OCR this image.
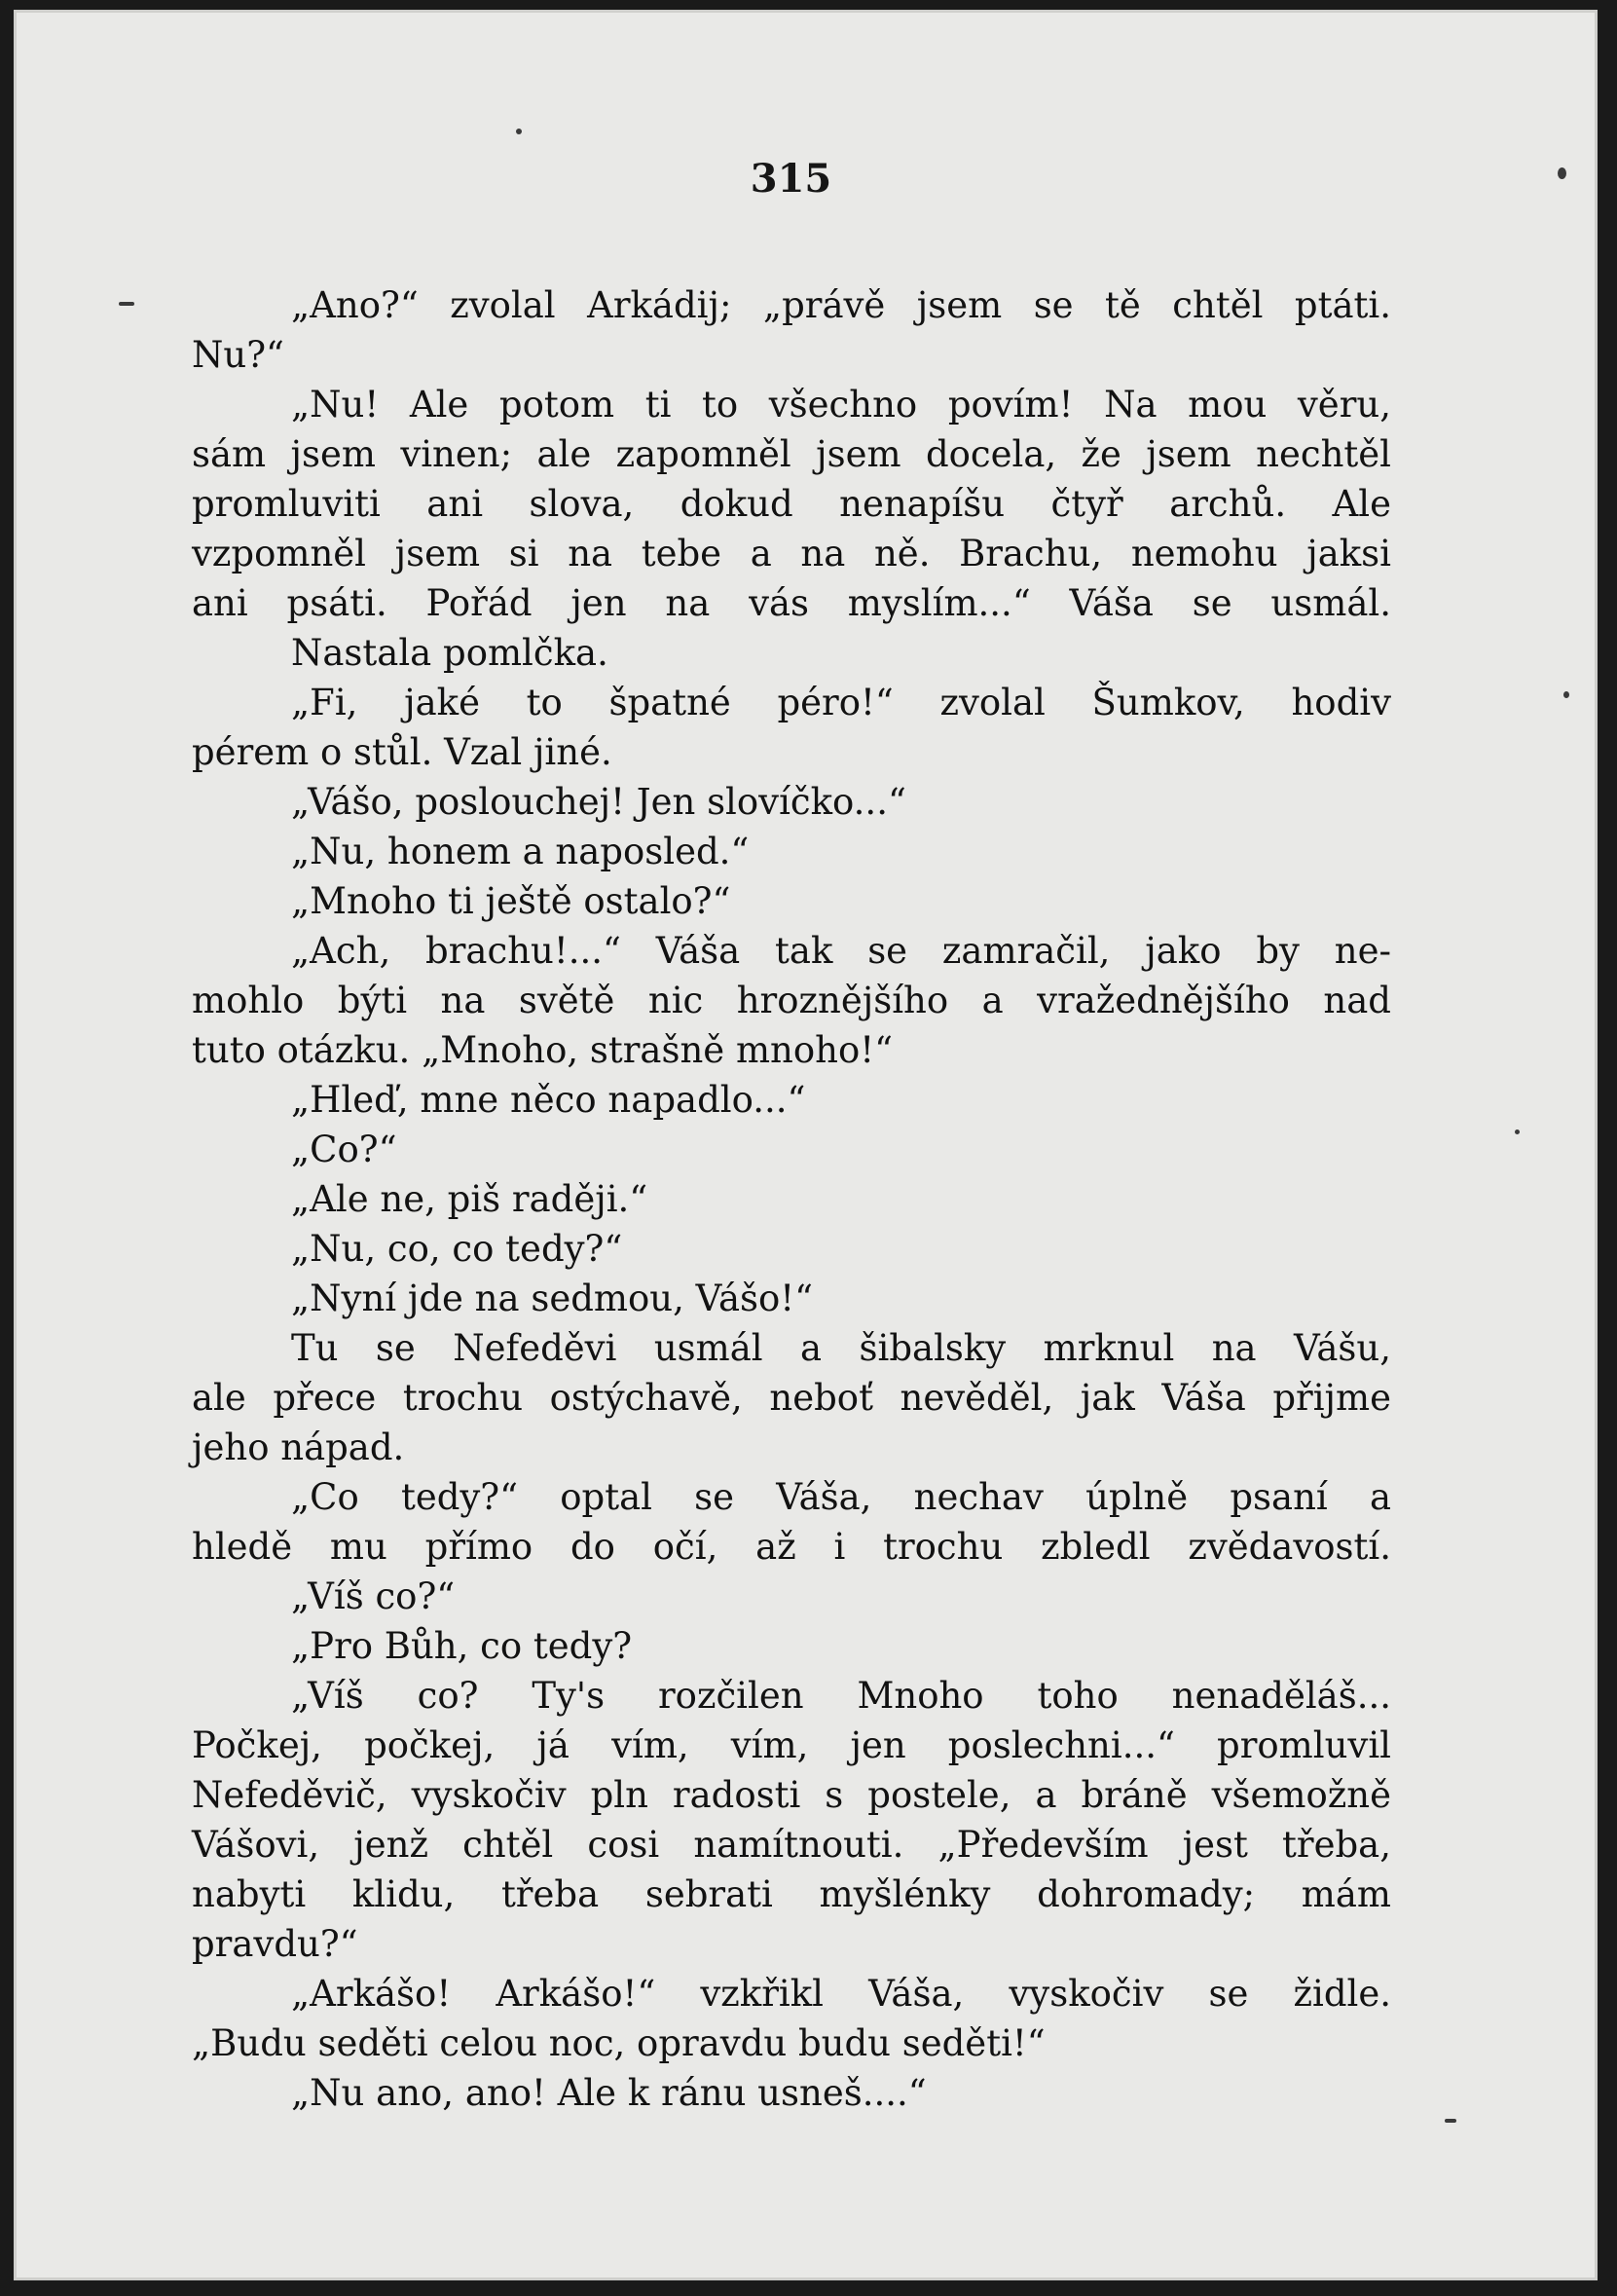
315
„Ano?“ zvolal Arkádij; „právě jsem se tě chtěl ptáti.
Nu?“
„Nu! Ale potom ti to všechno povím! Na mou věru,
sám jsem vinen; ale zapomněl jsem docela, že jsem nechtěl
promluviti ani slova, dokud nenapíšu čtyř archů. Ale
vzpomněl jsem si na tebe a na ně. Brachu, nemohu jaksi
ani psáti. Pořád jen na vás myslím...“ Váša se usmál.
Nastala pomlčka.
„Fi, jaké to špatné péro!“ zvolal Šumkov, hodiv
pérem o stůl. Vzal jiné.
„Vášo, poslouchej! Jen slovíčko...“
„Nu, honem a naposled.“
„Mnoho ti ještě ostalo?“
„Ach, brachu!...“ Váša tak se zamračil, jako by ne-
mohlo býti na světě nic hroznějšího a vražednějšího nad
tuto otázku. „Mnoho, strašně mnoho!“
„Hleď, mne něco napadlo...“
„Co?“
„Ale ne, piš raději.“
„Nu, co, co tedy?“
„Nyní jde na sedmou, Vášo!“
Tu se Nefeděvi usmál a šibalsky mrknul na Vášu,
ale přece trochu ostýchavě, neboť nevěděl, jak Váša přijme
jeho nápad.
„Co tedy?“ optal se Váša, nechav úplně psaní a
hledě mu přímo do očí, až i trochu zbledl zvědavostí.
„Víš co?“
„Pro Bůh, co tedy?
„Víš co? Ty's rozčilen Mnoho toho nenaděláš...
Počkej, počkej, já vím, vím, jen poslechni...“ promluvil
Nefeděvič, vyskočiv pln radosti s postele, a bráně všemožně
Vášovi, jenž chtěl cosi namítnouti. „Především jest třeba,
nabyti klidu, třeba sebrati myšlénky dohromady; mám
pravdu?“
„Arkášo! Arkášo!“ vzkřikl Váša, vyskočiv se židle.
„Budu seděti celou noc, opravdu budu seděti!“
„Nu ano, ano! Ale k ránu usneš....“
